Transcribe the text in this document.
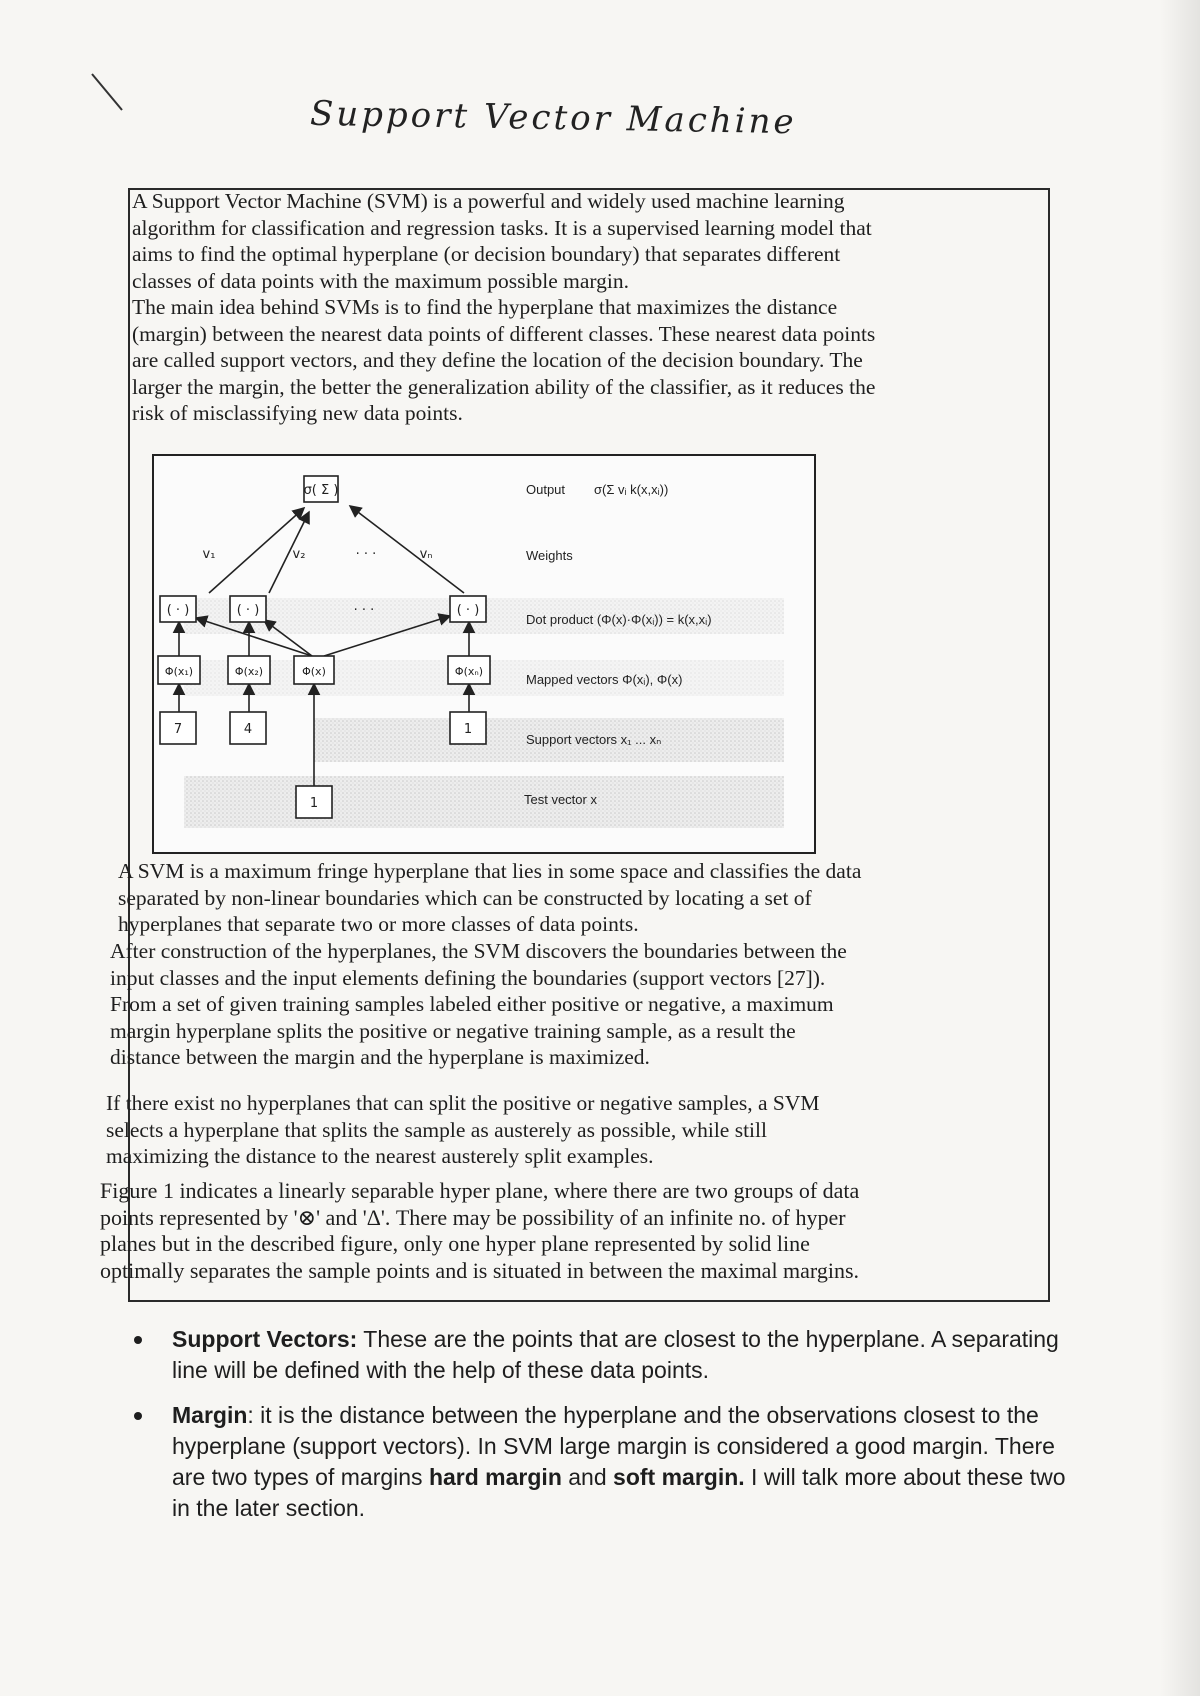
Support Vector Machine

A Support Vector Machine (SVM) is a powerful and widely used machine learning
algorithm for classification and regression tasks. It is a supervised learning model that
aims to find the optimal hyperplane (or decision boundary) that separates different
classes of data points with the maximum possible margin.

The main idea behind SVMs is to find the hyperplane that maximizes the distance
(margin) between the nearest data points of different classes. These nearest data points
are called support vectors, and they define the location of the decision boundary. The
larger the margin, the better the generalization ability of the classifier, as it reduces the
risk of misclassifying new data points.

σ( Σ )
v₁	v₂	· · ·	vₙ
( · )	( · )	· · ·	( · )
Φ(x₁)	Φ(x₂)	Φ(x)	Φ(xₙ)
7	4	1
1
Output σ(Σ vᵢ k(x,xᵢ))
Weights
Dot product (Φ(x)·Φ(xᵢ)) = k(x,xᵢ)
Mapped vectors Φ(xᵢ), Φ(x)
Support vectors x₁ ... xₙ
Test vector x

A SVM is a maximum fringe hyperplane that lies in some space and classifies the data
separated by non-linear boundaries which can be constructed by locating a set of
hyperplanes that separate two or more classes of data points.

After construction of the hyperplanes, the SVM discovers the boundaries between the
input classes and the input elements defining the boundaries (support vectors [27]).
From a set of given training samples labeled either positive or negative, a maximum
margin hyperplane splits the positive or negative training sample, as a result the
distance between the margin and the hyperplane is maximized.

If there exist no hyperplanes that can split the positive or negative samples, a SVM
selects a hyperplane that splits the sample as austerely as possible, while still
maximizing the distance to the nearest austerely split examples.

Figure 1 indicates a linearly separable hyper plane, where there are two groups of data
points represented by '⊗' and 'Δ'. There may be possibility of an infinite no. of hyper
planes but in the described figure, only one hyper plane represented by solid line
optimally separates the sample points and is situated in between the maximal margins.

Support Vectors: These are the points that are closest to the hyperplane. A separating line will be defined with the help of these data points.
Margin: it is the distance between the hyperplane and the observations closest to the hyperplane (support vectors). In SVM large margin is considered a good margin. There are two types of margins hard margin and soft margin. I will talk more about these two in the later section.
